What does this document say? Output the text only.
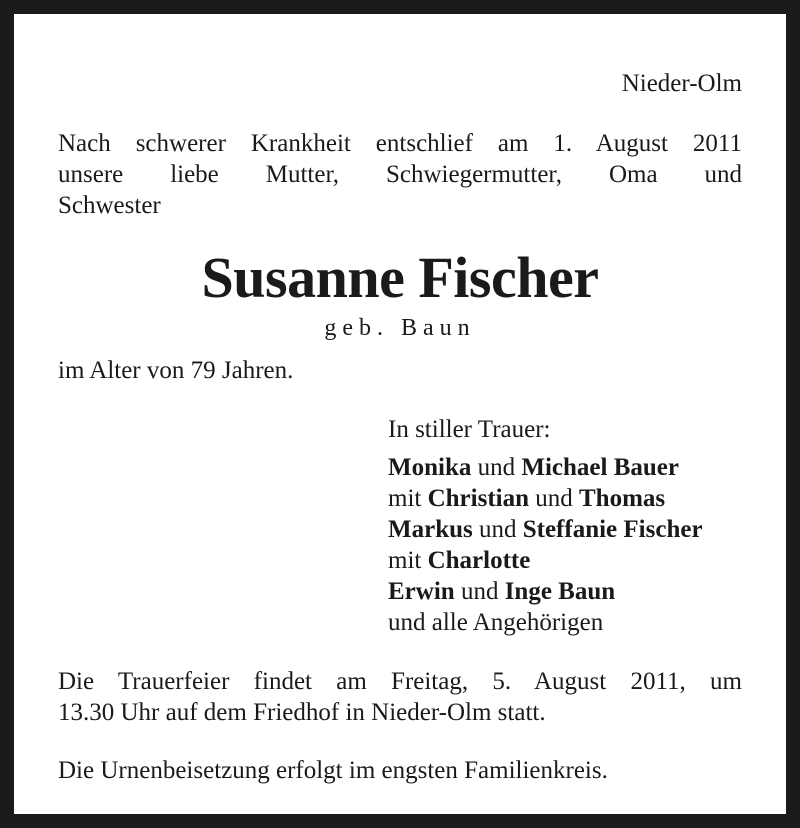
Nieder-Olm
Nach schwerer Krankheit entschlief am 1. August 2011
unsere liebe Mutter, Schwiegermutter, Oma und
Schwester
Susanne Fischer
geb. Baun
im Alter von 79 Jahren.
In stiller Trauer:
Monika und Michael Bauer
mit Christian und Thomas
Markus und Steffanie Fischer
mit Charlotte
Erwin und Inge Baun
und alle Angehörigen
Die Trauerfeier findet am Freitag, 5. August 2011, um
13.30 Uhr auf dem Friedhof in Nieder-Olm statt.
Die Urnenbeisetzung erfolgt im engsten Familienkreis.
